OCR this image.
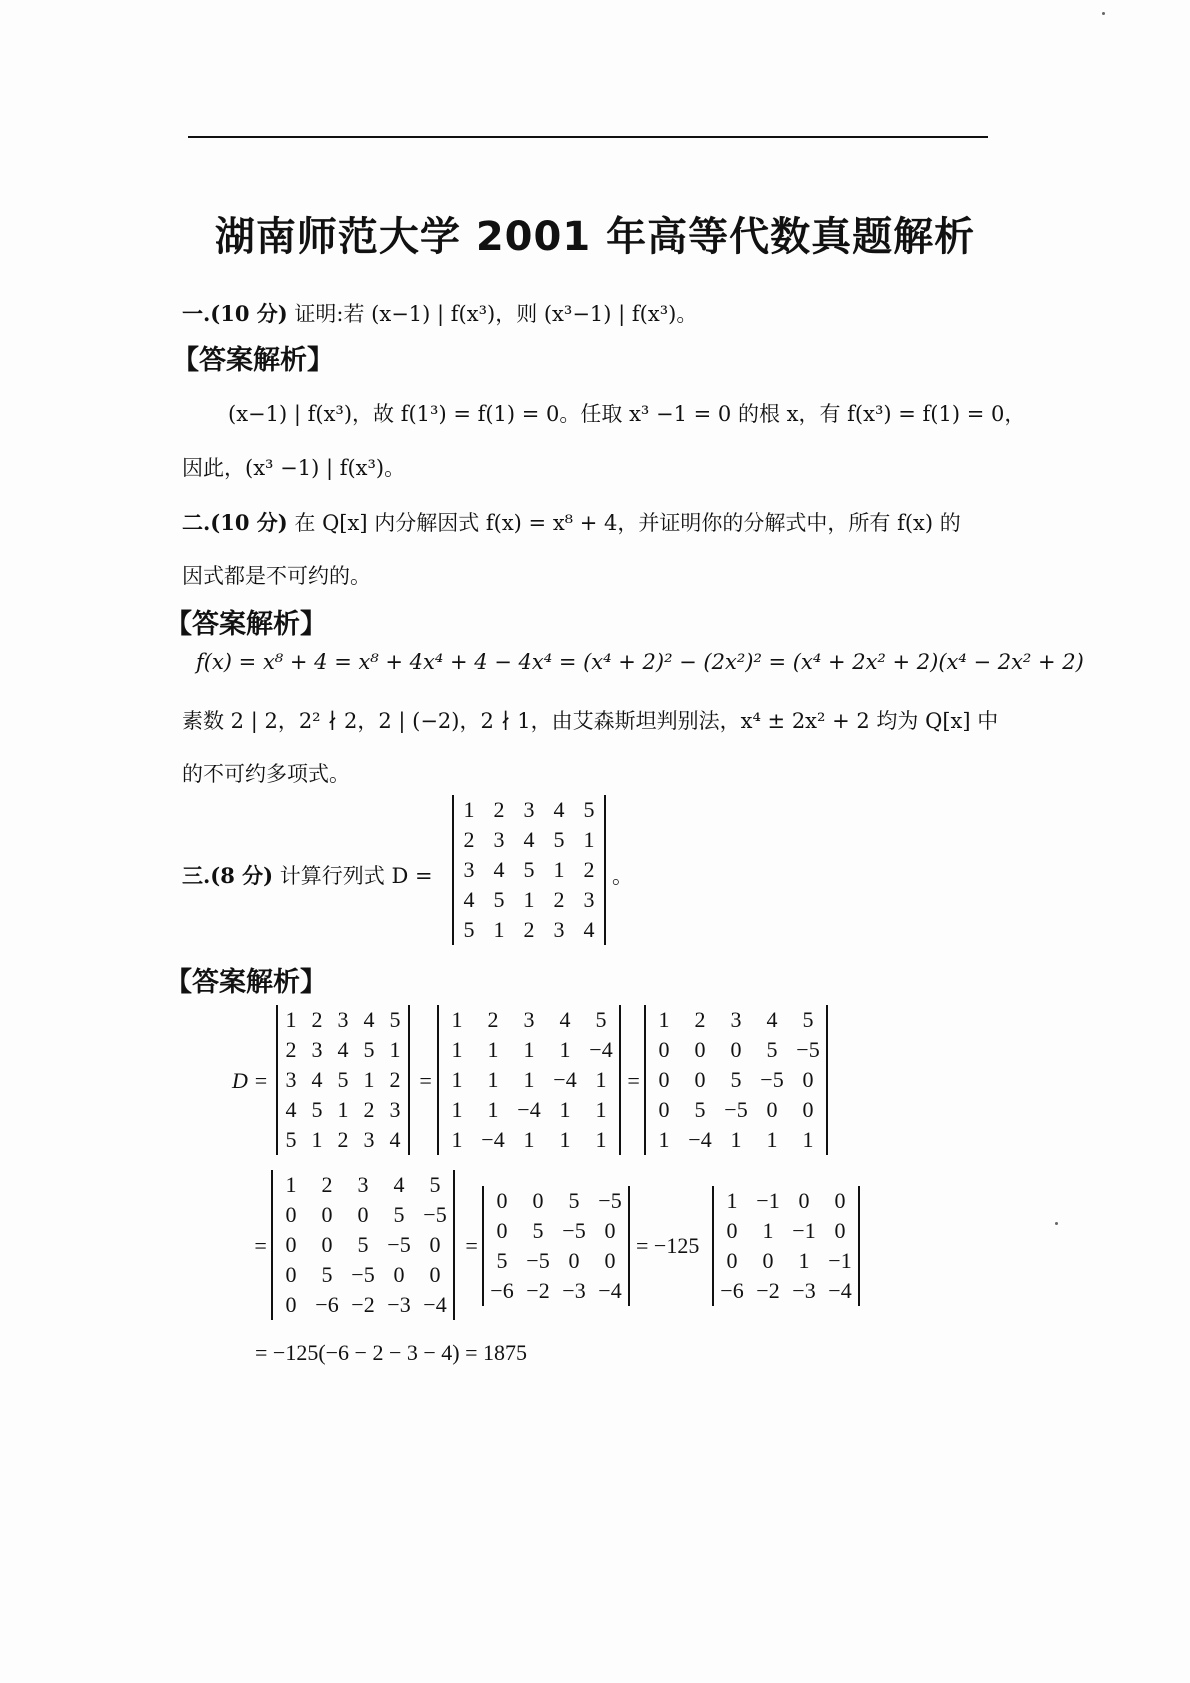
湖南师范大学 2001 年高等代数真题解析
一.(10 分) 证明:若 (x−1) | f(x³)，则 (x³−1) | f(x³)。
【答案解析】
(x−1) | f(x³)，故 f(1³) = f(1) = 0。任取 x³ −1 = 0 的根 x，有 f(x³) = f(1) = 0，
因此，(x³ −1) | f(x³)。
二.(10 分) 在 Q[x] 内分解因式 f(x) = x⁸ + 4，并证明你的分解式中，所有 f(x) 的
因式都是不可约的。
【答案解析】
f(x) = x⁸ + 4 = x⁸ + 4x⁴ + 4 − 4x⁴ = (x⁴ + 2)² − (2x²)² = (x⁴ + 2x² + 2)(x⁴ − 2x² + 2)
素数 2 | 2，2² ∤ 2，2 | (−2)，2 ∤ 1，由艾森斯坦判别法，x⁴ ± 2x² + 2 均为 Q[x] 中
的不可约多项式。
三.(8 分) 计算行列式 D =
1	2	3	4	5
2	3	4	5	1
3	4	5	1	2
4	5	1	2	3
5	1	2	3	4
。
【答案解析】
D =
1	2	3	4	5
2	3	4	5	1
3	4	5	1	2
4	5	1	2	3
5	1	2	3	4
=
1	2	3	4	5
1	1	1	1	−4
1	1	1	−4	1
1	1	−4	1	1
1	−4	1	1	1
=
1	2	3	4	5
0	0	0	5	−5
0	0	5	−5	0
0	5	−5	0	0
1	−4	1	1	1
=
1	2	3	4	5
0	0	0	5	−5
0	0	5	−5	0
0	5	−5	0	0
0	−6	−2	−3	−4
=
0	0	5	−5
0	5	−5	0
5	−5	0	0
−6	−2	−3	−4
= −125
1	−1	0	0
0	1	−1	0
0	0	1	−1
−6	−2	−3	−4
= −125(−6 − 2 − 3 − 4) = 1875
